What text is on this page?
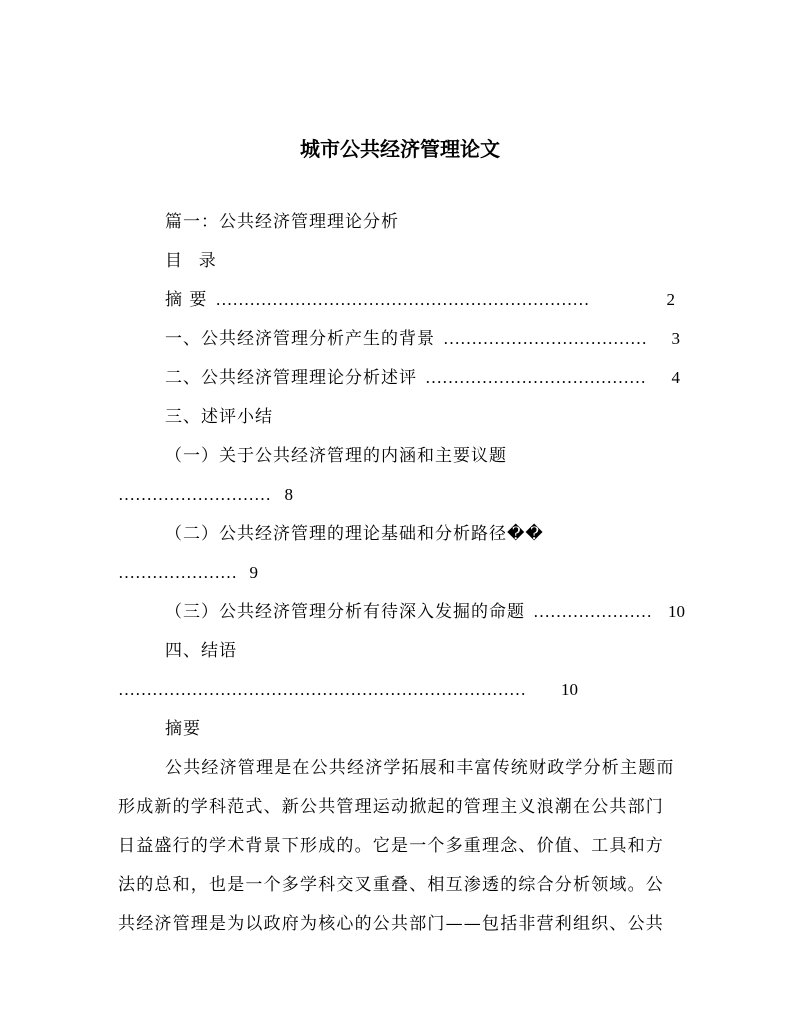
城市公共经济管理论文
篇一：公共经济管理理论分析
目  录
摘 要 …………………………………………………………	2
一、公共经济管理分析产生的背景 ………………………………	3
二、公共经济管理理论分析述评 …………………………………	4
三、述评小结
（一）关于公共经济管理的内涵和主要议题
……………………… 8
（二）公共经济管理的理论基础和分析路径��
………………… 9
（三）公共经济管理分析有待深入发掘的命题 ………………… 10
四、结语
………………………………………………………………	10
摘要
公共经济管理是在公共经济学拓展和丰富传统财政学分析主题而
形成新的学科范式、新公共管理运动掀起的管理主义浪潮在公共部门
日益盛行的学术背景下形成的。它是一个多重理念、价值、工具和方
法的总和，也是一个多学科交叉重叠、相互渗透的综合分析领域。公
共经济管理是为以政府为核心的公共部门——包括非营利组织、公共
